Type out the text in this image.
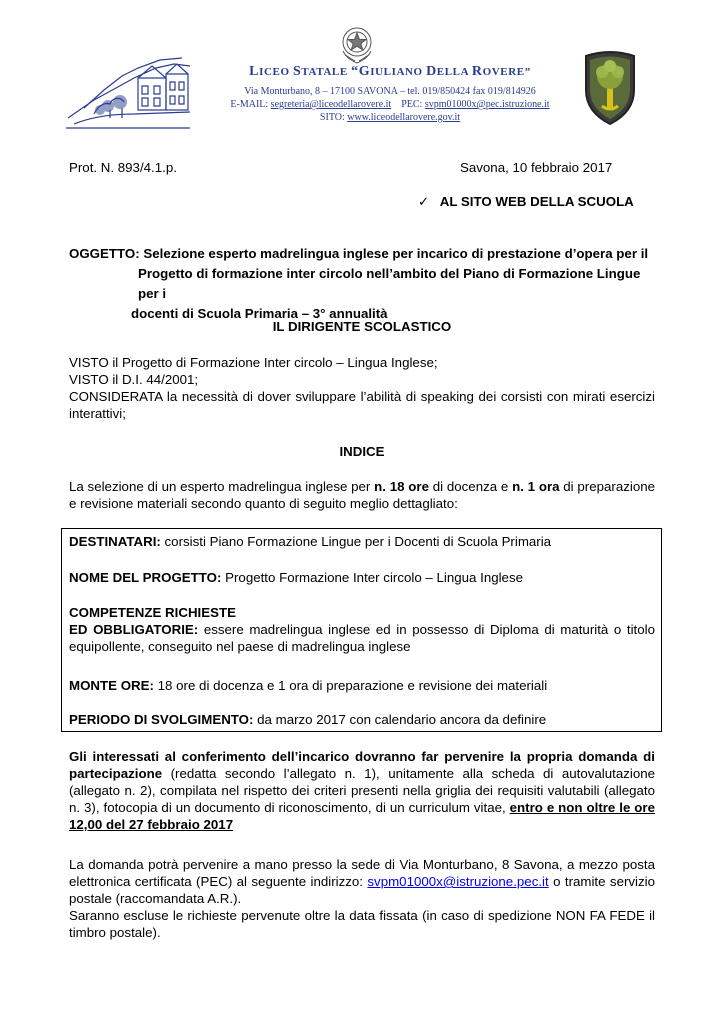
LICEO STATALE “GIULIANO DELLA ROVERE”
Via Monturbano, 8 – 17100 SAVONA – tel. 019/850424 fax 019/814926
E-MAIL: segreteria@liceodellarovere.it PEC: svpm01000x@pec.istruzione.it
SITO: www.liceodellarovere.gov.it
Prot. N. 893/4.1.p.	Savona, 10 febbraio 2017
✓ AL SITO WEB DELLA SCUOLA
OGGETTO: Selezione esperto madrelingua inglese per incarico di prestazione d’opera per il
Progetto di formazione inter circolo nell’ambito del Piano di Formazione Lingue per i
docenti di Scuola Primaria – 3° annualità
IL DIRIGENTE SCOLASTICO

VISTO il Progetto di Formazione Inter circolo – Lingua Inglese;

VISTO il D.I. 44/2001;

CONSIDERATA la necessità di dover sviluppare l’abilità di speaking dei corsisti con mirati esercizi interattivi;

INDICE
La selezione di un esperto madrelingua inglese per n. 18 ore di docenza e n. 1 ora di preparazione e revisione materiali secondo quanto di seguito meglio dettagliato:
DESTINATARI: corsisti Piano Formazione Lingue per i Docenti di Scuola Primaria
NOME DEL PROGETTO: Progetto Formazione Inter circolo – Lingua Inglese
COMPETENZE RICHIESTE

ED OBBLIGATORIE: essere madrelingua inglese ed in possesso di Diploma di maturità o titolo equipollente, conseguito nel paese di madrelingua inglese
MONTE ORE: 18 ore di docenza e 1 ora di preparazione e revisione dei materiali
PERIODO DI SVOLGIMENTO: da marzo 2017 con calendario ancora da definire
Gli interessati al conferimento dell’incarico dovranno far pervenire la propria domanda di partecipazione (redatta secondo l’allegato n. 1), unitamente alla scheda di autovalutazione (allegato n. 2), compilata nel rispetto dei criteri presenti nella griglia dei requisiti valutabili (allegato n. 3), fotocopia di un documento di riconoscimento, di un curriculum vitae, entro e non oltre le ore 12,00 del 27 febbraio 2017
La domanda potrà pervenire a mano presso la sede di Via Monturbano, 8 Savona, a mezzo posta elettronica certificata (PEC) al seguente indirizzo: svpm01000x@istruzione.pec.it o tramite servizio postale (raccomandata A.R.).
Saranno escluse le richieste pervenute oltre la data fissata (in caso di spedizione NON FA FEDE il timbro postale).
